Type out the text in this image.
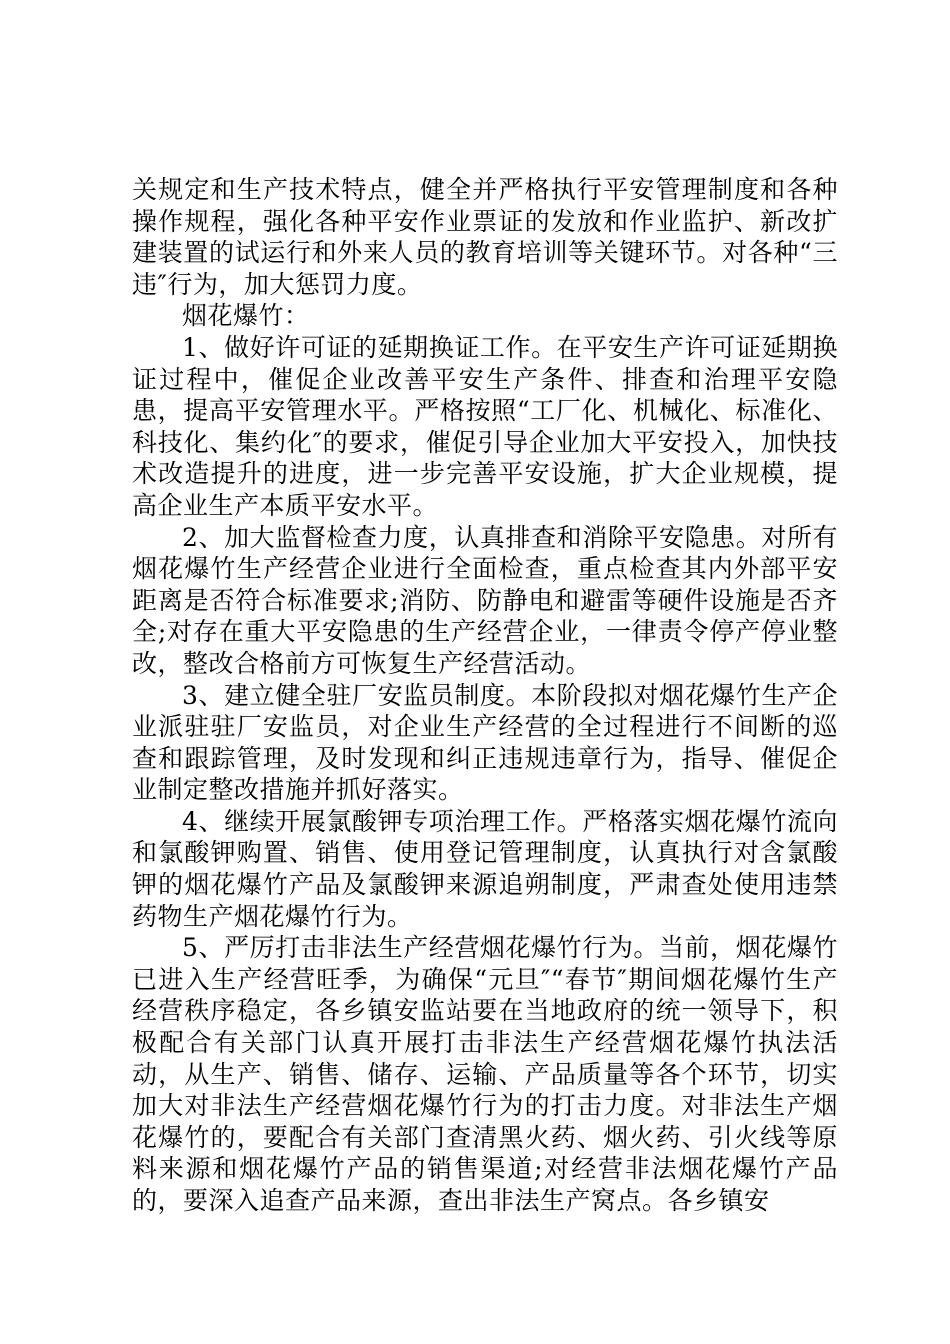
关规定和生产技术特点，健全并严格执行平安管理制度和各种操作规程，强化各种平安作业票证的发放和作业监护、新改扩建装置的试运行和外来人员的教育培训等关键环节。对各种“三违″行为，加大惩罚力度。

烟花爆竹：

1、做好许可证的延期换证工作。在平安生产许可证延期换证过程中，催促企业改善平安生产条件、排查和治理平安隐患，提高平安管理水平。严格按照“工厂化、机械化、标准化、科技化、集约化″的要求，催促引导企业加大平安投入，加快技术改造提升的进度，进一步完善平安设施，扩大企业规模，提高企业生产本质平安水平。

2、加大监督检查力度，认真排查和消除平安隐患。对所有烟花爆竹生产经营企业进行全面检查，重点检查其内外部平安距离是否符合标准要求;消防、防静电和避雷等硬件设施是否齐全;对存在重大平安隐患的生产经营企业，一律责令停产停业整改，整改合格前方可恢复生产经营活动。

3、建立健全驻厂安监员制度。本阶段拟对烟花爆竹生产企业派驻驻厂安监员，对企业生产经营的全过程进行不间断的巡查和跟踪管理，及时发现和纠正违规违章行为，指导、催促企业制定整改措施并抓好落实。

4、继续开展氯酸钾专项治理工作。严格落实烟花爆竹流向和氯酸钾购置、销售、使用登记管理制度，认真执行对含氯酸钾的烟花爆竹产品及氯酸钾来源追朔制度，严肃查处使用违禁药物生产烟花爆竹行为。

5、严厉打击非法生产经营烟花爆竹行为。当前，烟花爆竹已进入生产经营旺季，为确保“元旦″“春节″期间烟花爆竹生产经营秩序稳定，各乡镇安监站要在当地政府的统一领导下，积极配合有关部门认真开展打击非法生产经营烟花爆竹执法活动，从生产、销售、储存、运输、产品质量等各个环节，切实加大对非法生产经营烟花爆竹行为的打击力度。对非法生产烟花爆竹的，要配合有关部门查清黑火药、烟火药、引火线等原料来源和烟花爆竹产品的销售渠道;对经营非法烟花爆竹产品的，要深入追查产品来源，查出非法生产窝点。各乡镇安
